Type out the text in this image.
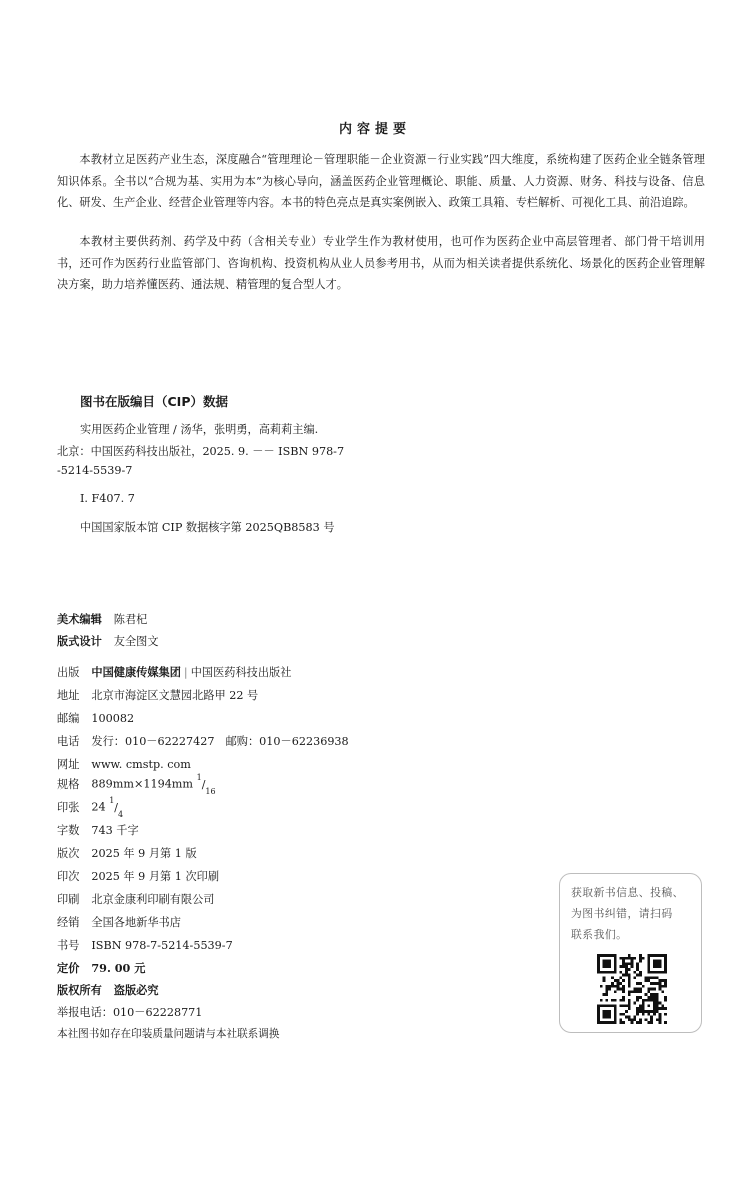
内容提要

本教材立足医药产业生态，深度融合“管理理论－管理职能－企业资源－行业实践”四大维度，系统构建了医药企业全链条管理知识体系。全书以“合规为基、实用为本”为核心导向，涵盖医药企业管理概论、职能、质量、人力资源、财务、科技与设备、信息化、研发、生产企业、经营企业管理等内容。本书的特色亮点是真实案例嵌入、政策工具箱、专栏解析、可视化工具、前沿追踪。

本教材主要供药剂、药学及中药（含相关专业）专业学生作为教材使用，也可作为医药企业中高层管理者、部门骨干培训用书，还可作为医药行业监管部门、咨询机构、投资机构从业人员参考用书，从而为相关读者提供系统化、场景化的医药企业管理解决方案，助力培养懂医药、通法规、精管理的复合型人才。

图书在版编目（CIP）数据
实用医药企业管理 / 汤华，张明勇，高莉莉主编.
北京：中国医药科技出版社，2025. 9. －－ ISBN 978-7
-5214-5539-7
Ⅰ. F407. 7
中国国家版本馆 CIP 数据核字第 2025QB8583 号
美术编辑 陈君杞
版式设计 友全图文
出版 中国健康传媒集团 | 中国医药科技出版社
地址 北京市海淀区文慧园北路甲 22 号
邮编 100082
电话 发行：010－62227427　邮购：010－62236938
网址 www. cmstp. com
规格 889mm×1194mm $^1/_{16}$
印张 24 $^1/_4$
字数 743 千字
版次 2025 年 9 月第 1 版
印次 2025 年 9 月第 1 次印刷
印刷 北京金康利印刷有限公司
经销 全国各地新华书店
书号 ISBN 978-7-5214-5539-7
定价 79. 00 元
版权所有 盗版必究
举报电话：010－62228771
本社图书如存在印装质量问题请与本社联系调换
获取新书信息、投稿、
为图书纠错，请扫码
联系我们。
